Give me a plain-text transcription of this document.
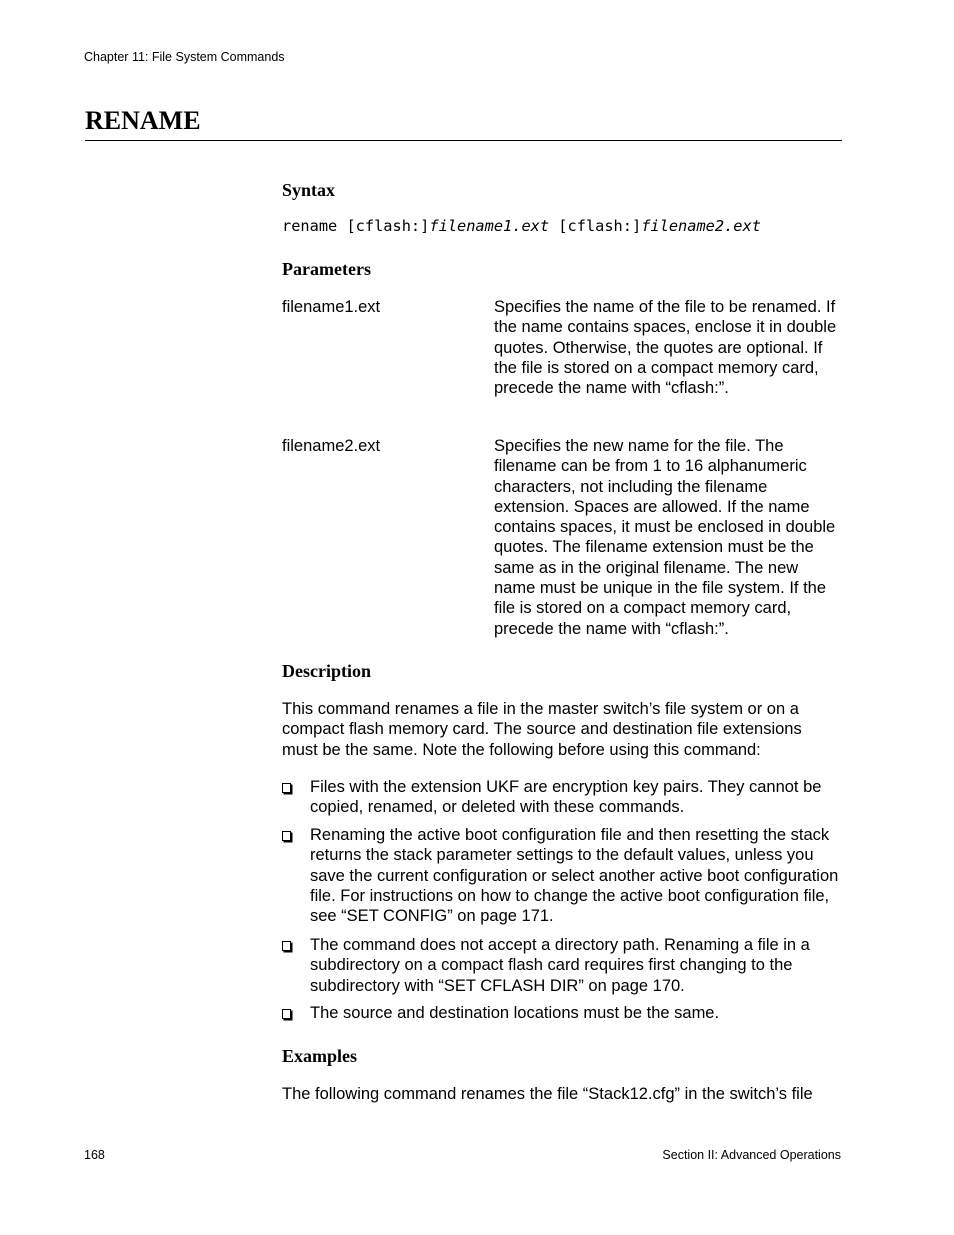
Chapter 11: File System Commands
RENAME
Syntax
rename [cflash:]filename1.ext [cflash:]filename2.ext
Parameters
filename1.ext	Specifies the name of the file to be renamed. If the name contains spaces, enclose it in double quotes. Otherwise, the quotes are optional. If the file is stored on a compact memory card, precede the name with “cflash:”.
filename2.ext	Specifies the new name for the file. The filename can be from 1 to 16 alphanumeric characters, not including the filename extension. Spaces are allowed. If the name contains spaces, it must be enclosed in double quotes. The filename extension must be the same as in the original filename. The new name must be unique in the file system. If the file is stored on a compact memory card, precede the name with “cflash:”.
Description
This command renames a file in the master switch’s file system or on a compact flash memory card. The source and destination file extensions must be the same. Note the following before using this command:
Files with the extension UKF are encryption key pairs. They cannot be copied, renamed, or deleted with these commands.
Renaming the active boot configuration file and then resetting the stack returns the stack parameter settings to the default values, unless you save the current configuration or select another active boot configuration file. For instructions on how to change the active boot configuration file, see “SET CONFIG” on page 171.
The command does not accept a directory path. Renaming a file in a subdirectory on a compact flash card requires first changing to the subdirectory with “SET CFLASH DIR” on page 170.
The source and destination locations must be the same.
Examples
The following command renames the file “Stack12.cfg” in the switch’s file
168	Section II: Advanced Operations
